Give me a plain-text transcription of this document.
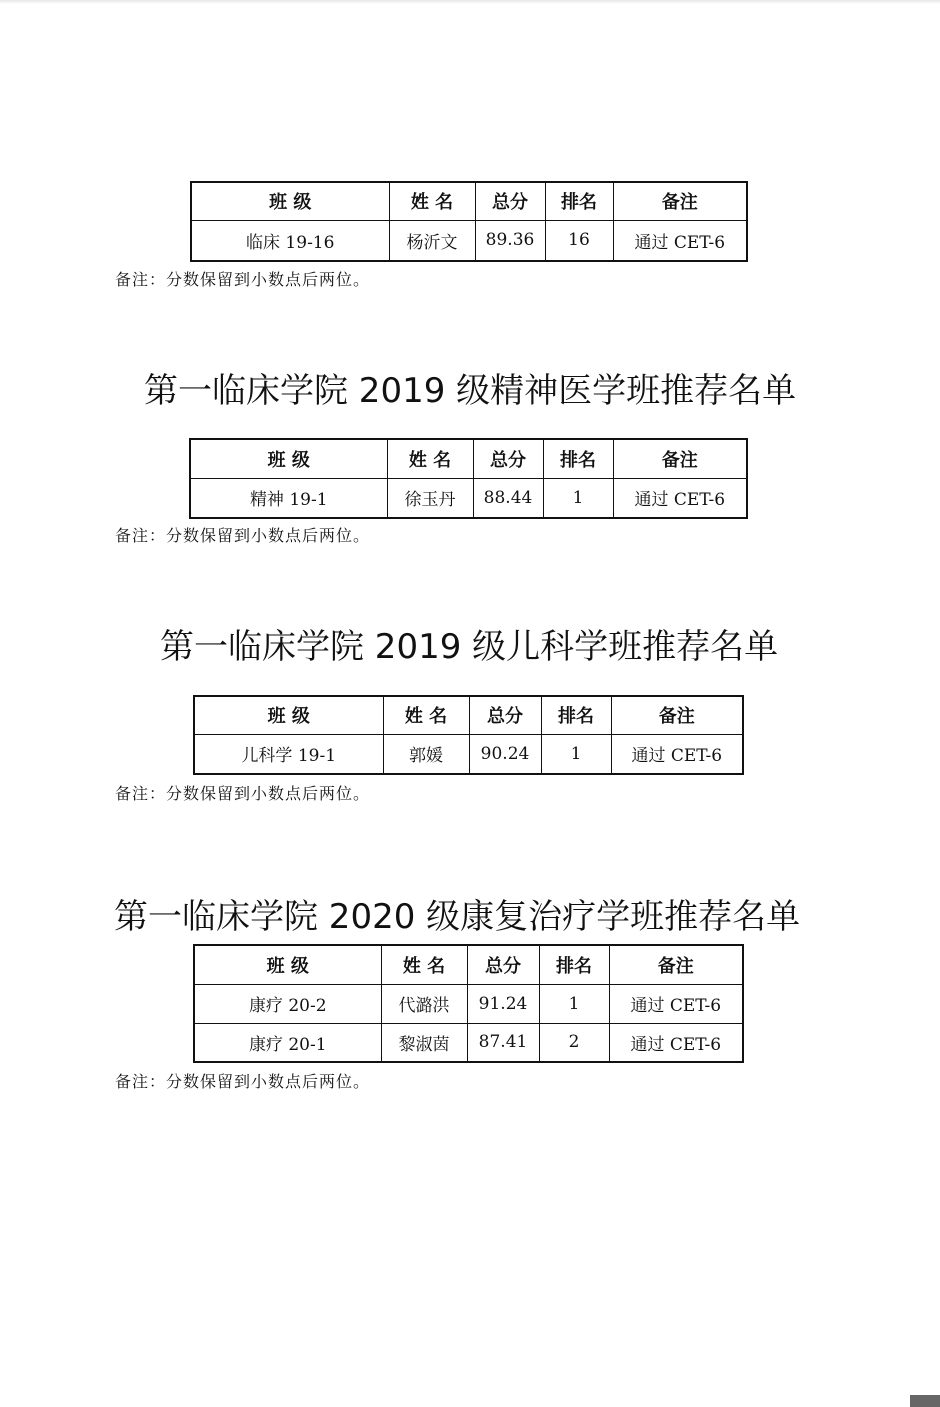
班 级	姓 名	总分	排名	备注
临床 19-16	杨沂文	89.36	16	通过 CET-6

备注：分数保留到小数点后两位。

第一临床学院 2019 级精神医学班推荐名单
班 级	姓 名	总分	排名	备注
精神 19-1	徐玉丹	88.44	1	通过 CET-6

备注：分数保留到小数点后两位。

第一临床学院 2019 级儿科学班推荐名单
班 级	姓 名	总分	排名	备注
儿科学 19-1	郭媛	90.24	1	通过 CET-6

备注：分数保留到小数点后两位。

第一临床学院 2020 级康复治疗学班推荐名单
班 级	姓 名	总分	排名	备注
康疗 20-2	代潞洪	91.24	1	通过 CET-6
康疗 20-1	黎淑茵	87.41	2	通过 CET-6

备注：分数保留到小数点后两位。
